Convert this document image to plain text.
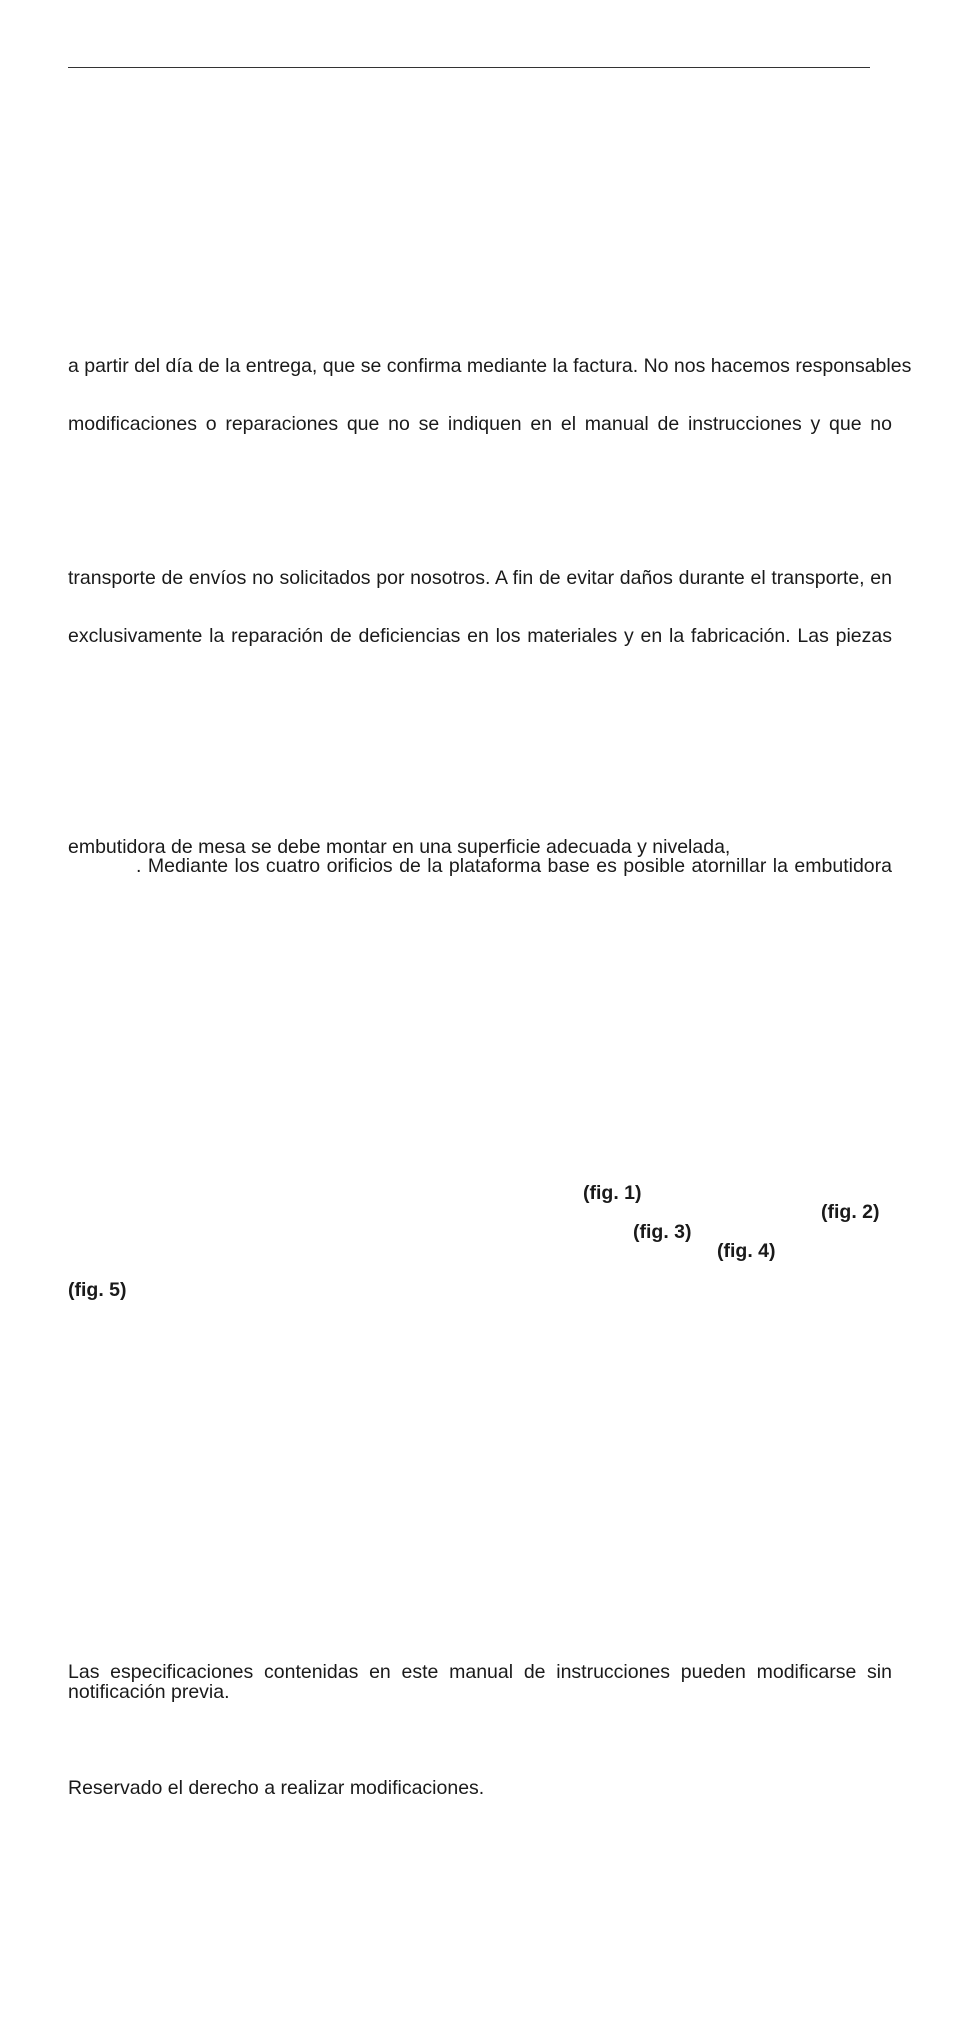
a partir del día de la entrega, que se confirma mediante la factura. No nos hacemos responsables
modificaciones o reparaciones que no se indiquen en el manual de instrucciones y que no
transporte de envíos no solicitados por nosotros. A fin de evitar daños durante el transporte, en
exclusivamente la reparación de deficiencias en los materiales y en la fabricación. Las piezas
embutidora de mesa se debe montar en una superficie adecuada y nivelada,
. Mediante los cuatro orificios de la plataforma base es posible atornillar la embutidora
(fig. 1)
(fig. 2)
(fig. 3)
(fig. 4)
(fig. 5)
Las especificaciones contenidas en este manual de instrucciones pueden modificarse sin notificación previa.
Reservado el derecho a realizar modificaciones.
